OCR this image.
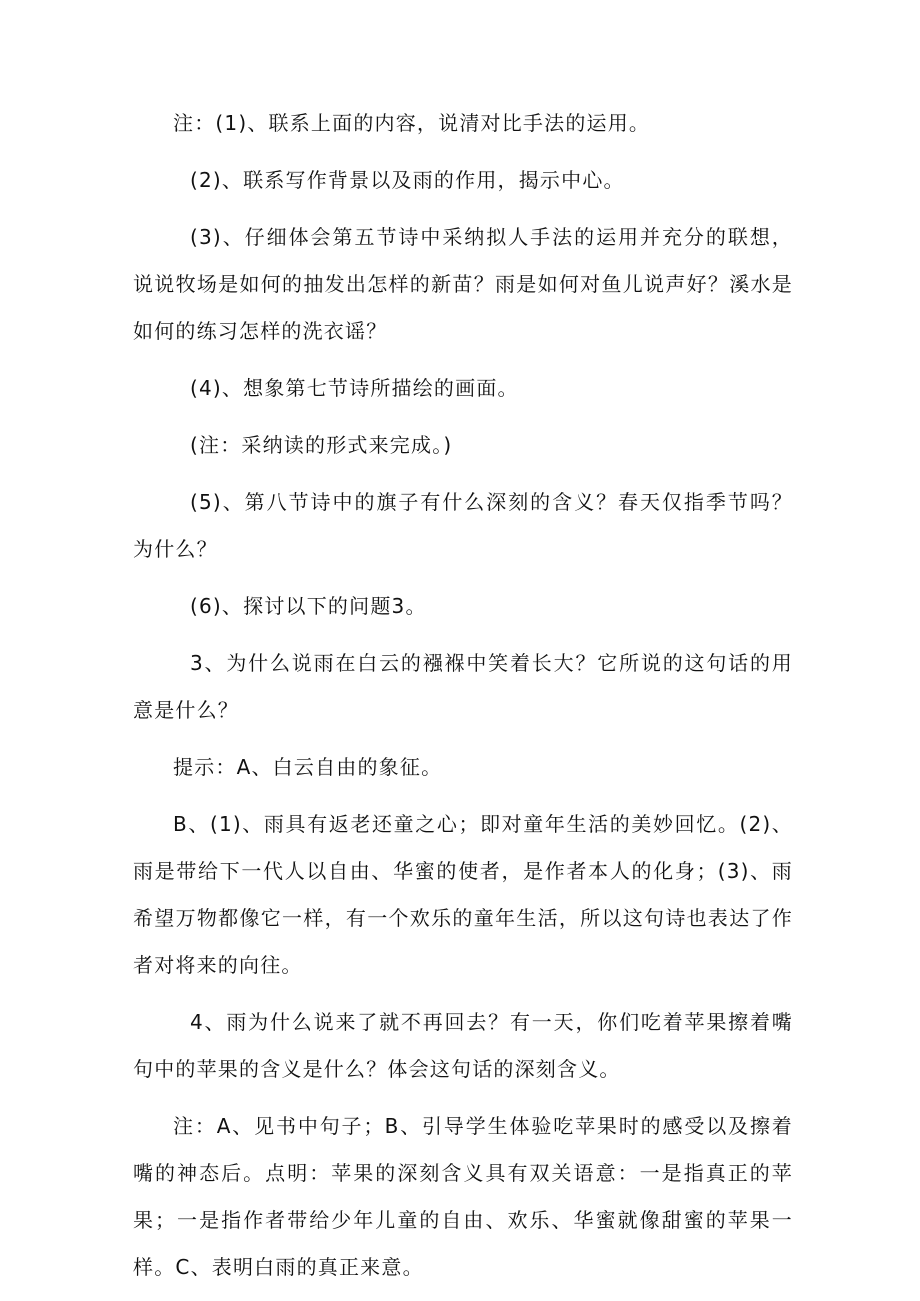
注：(1)、联系上面的内容，说清对比手法的运用。

(2)、联系写作背景以及雨的作用，揭示中心。

(3)、仔细体会第五节诗中采纳拟人手法的运用并充分的联想，说说牧场是如何的抽发出怎样的新苗？雨是如何对鱼儿说声好？溪水是如何的练习怎样的洗衣谣？

(4)、想象第七节诗所描绘的画面。

(注：采纳读的形式来完成。)

(5)、第八节诗中的旗子有什么深刻的含义？春天仅指季节吗？为什么？

(6)、探讨以下的问题3。

3、为什么说雨在白云的襁褓中笑着长大？它所说的这句话的用意是什么？

提示：A、白云自由的象征。

B、(1)、雨具有返老还童之心；即对童年生活的美妙回忆。(2)、雨是带给下一代人以自由、华蜜的使者，是作者本人的化身；(3)、雨希望万物都像它一样，有一个欢乐的童年生活，所以这句诗也表达了作者对将来的向往。

4、雨为什么说来了就不再回去？有一天，你们吃着苹果擦着嘴句中的苹果的含义是什么？体会这句话的深刻含义。

注：A、见书中句子；B、引导学生体验吃苹果时的感受以及擦着嘴的神态后。点明：苹果的深刻含义具有双关语意：一是指真正的苹果；一是指作者带给少年儿童的自由、欢乐、华蜜就像甜蜜的苹果一样。C、表明白雨的真正来意。
